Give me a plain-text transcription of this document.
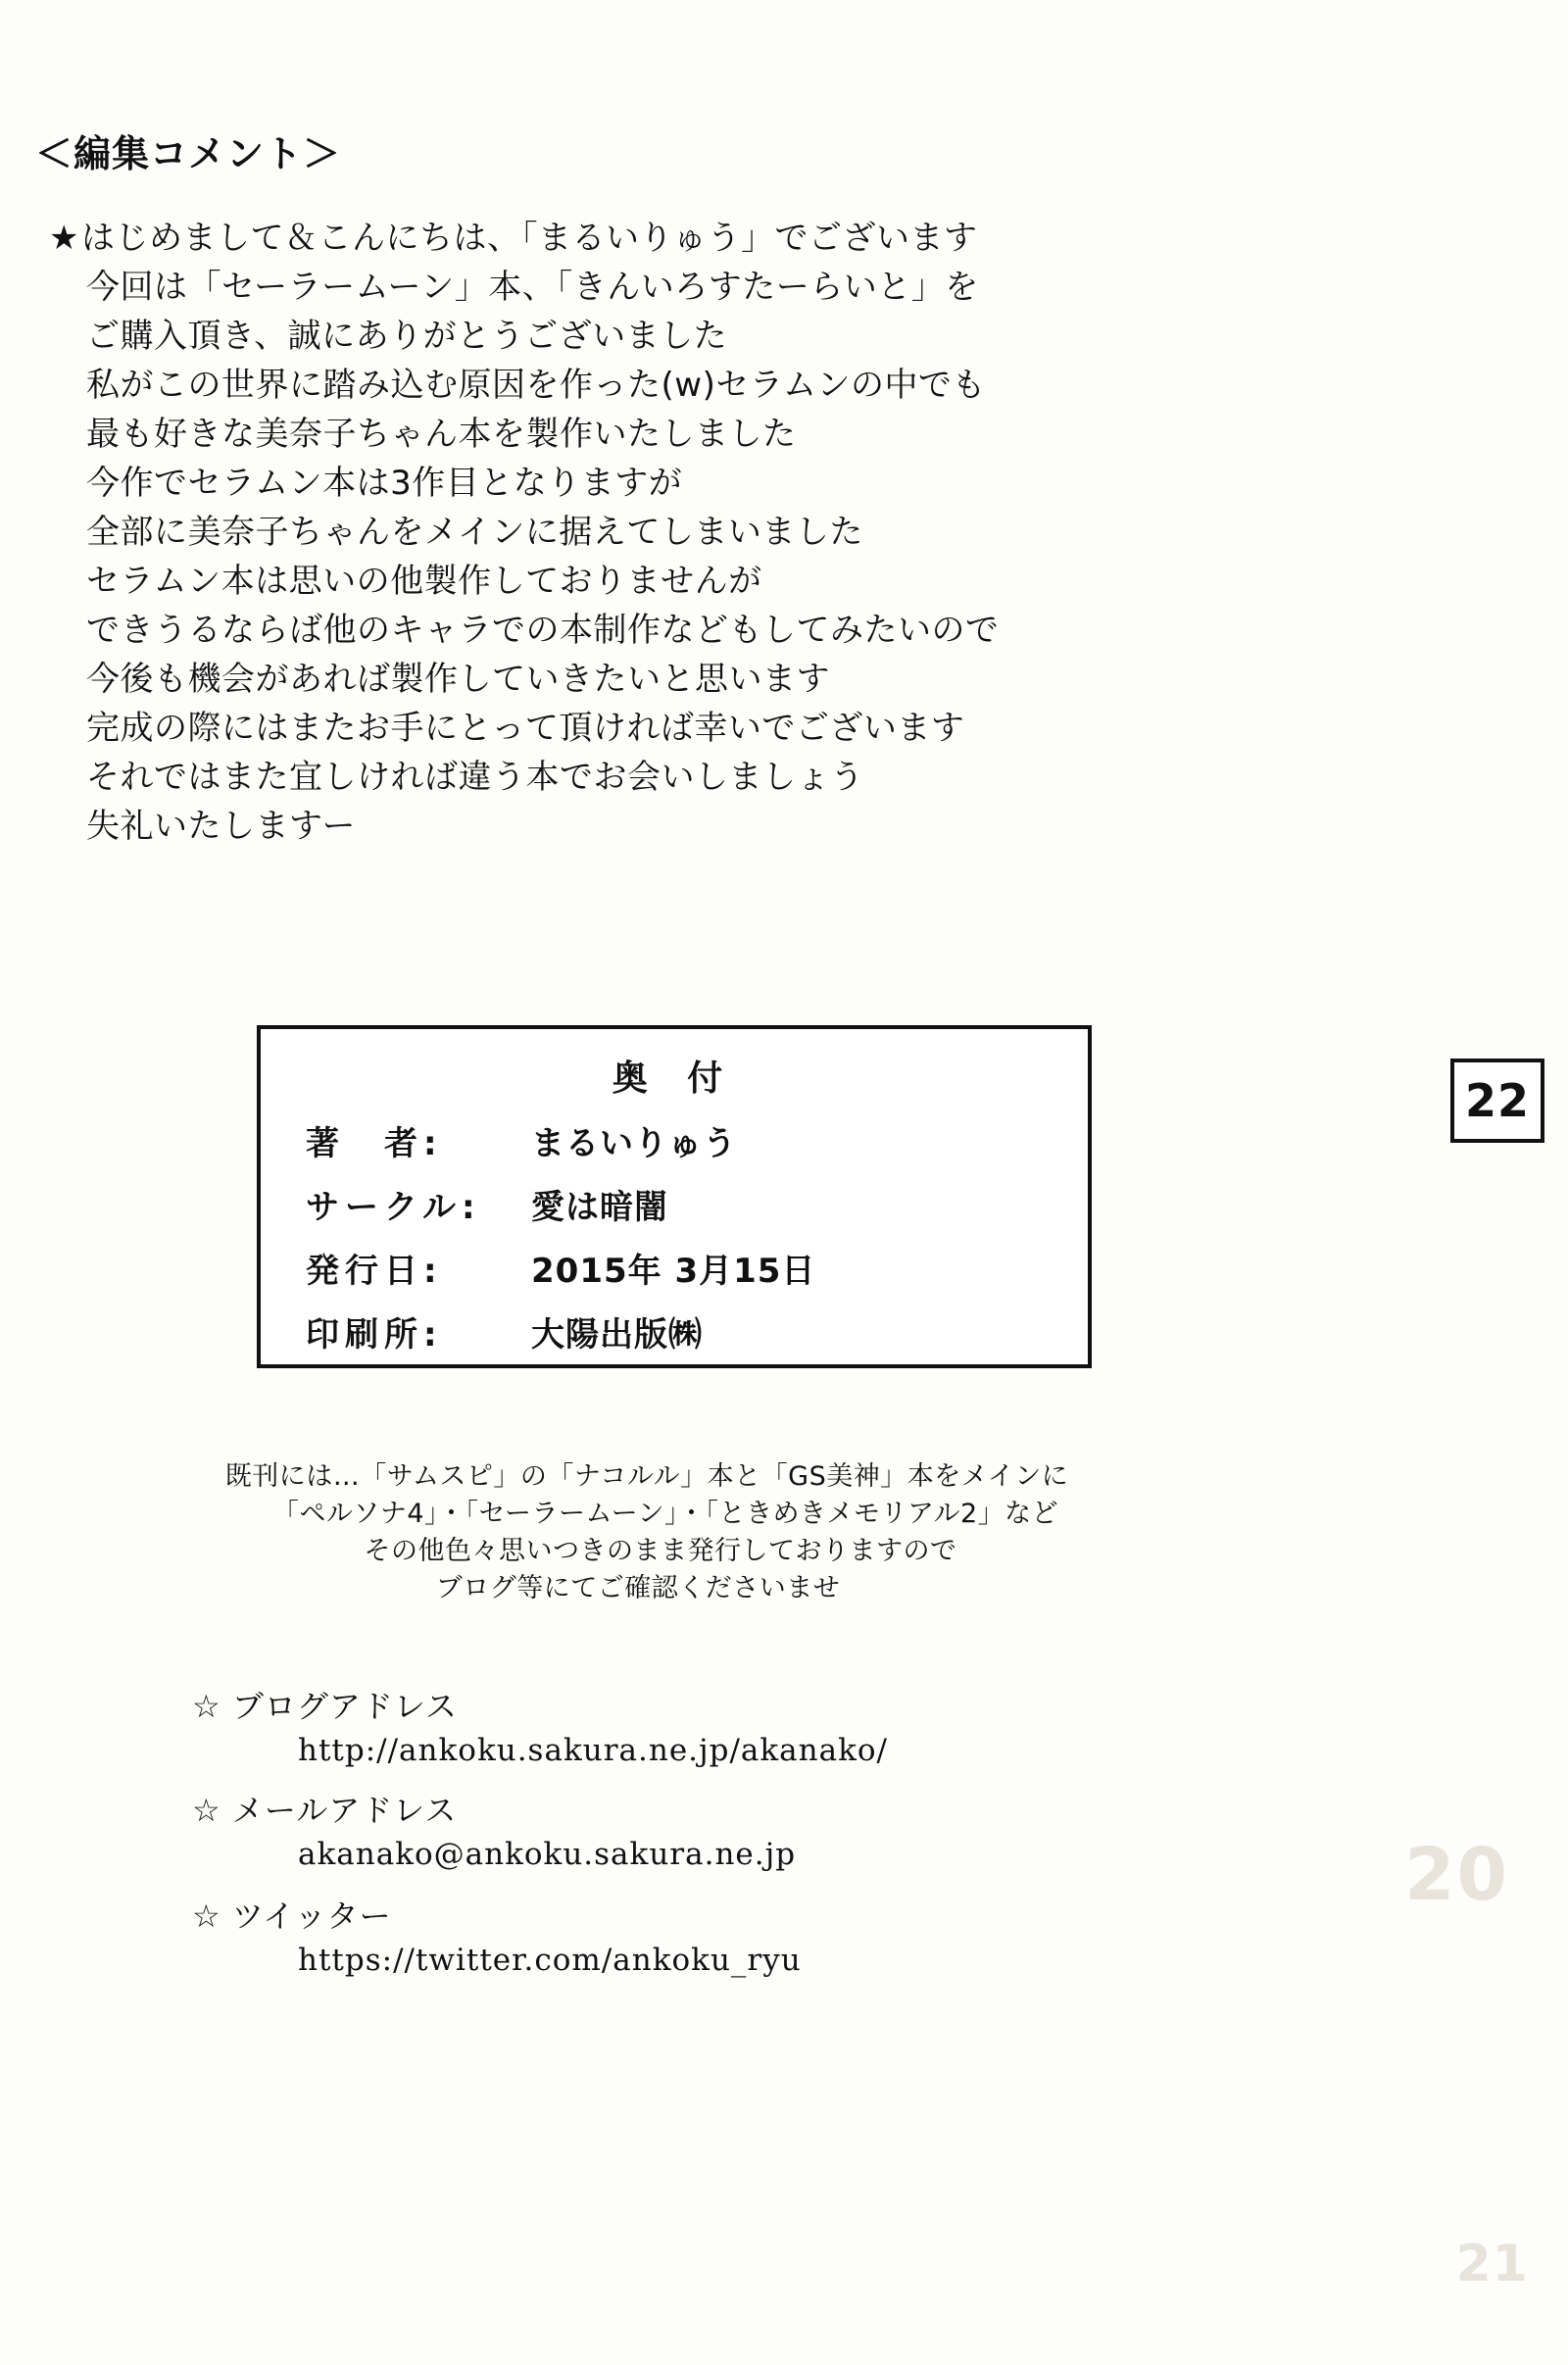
20
21
＜編集コメント＞
★はじめまして＆こんにちは、「まるいりゅう」でございます
今回は「セーラームーン」本、「きんいろすたーらいと」を
ご購入頂き、誠にありがとうございました
私がこの世界に踏み込む原因を作った(w)セラムンの中でも
最も好きな美奈子ちゃん本を製作いたしました
今作でセラムン本は3作目となりますが
全部に美奈子ちゃんをメインに据えてしまいました
セラムン本は思いの他製作しておりませんが
できうるならば他のキャラでの本制作などもしてみたいので
今後も機会があれば製作していきたいと思います
完成の際にはまたお手にとって頂ければ幸いでございます
それではまた宜しければ違う本でお会いしましょう
失礼いたしますー
奥 付
著　者:	まるいりゅう
サークル:	愛は暗闇
発行日:	2015年 3月15日
印刷所:	大陽出版㈱
22
既刊には…「サムスピ」の「ナコルル」本と「GS美神」本をメインに
「ペルソナ4」・「セーラームーン」・「ときめきメモリアル2」など
その他色々思いつきのまま発行しておりますので
ブログ等にてご確認くださいませ
☆ ブログアドレス
http://ankoku.sakura.ne.jp/akanako/
☆ メールアドレス
akanako@ankoku.sakura.ne.jp
☆ ツイッター
https://twitter.com/ankoku_ryu
